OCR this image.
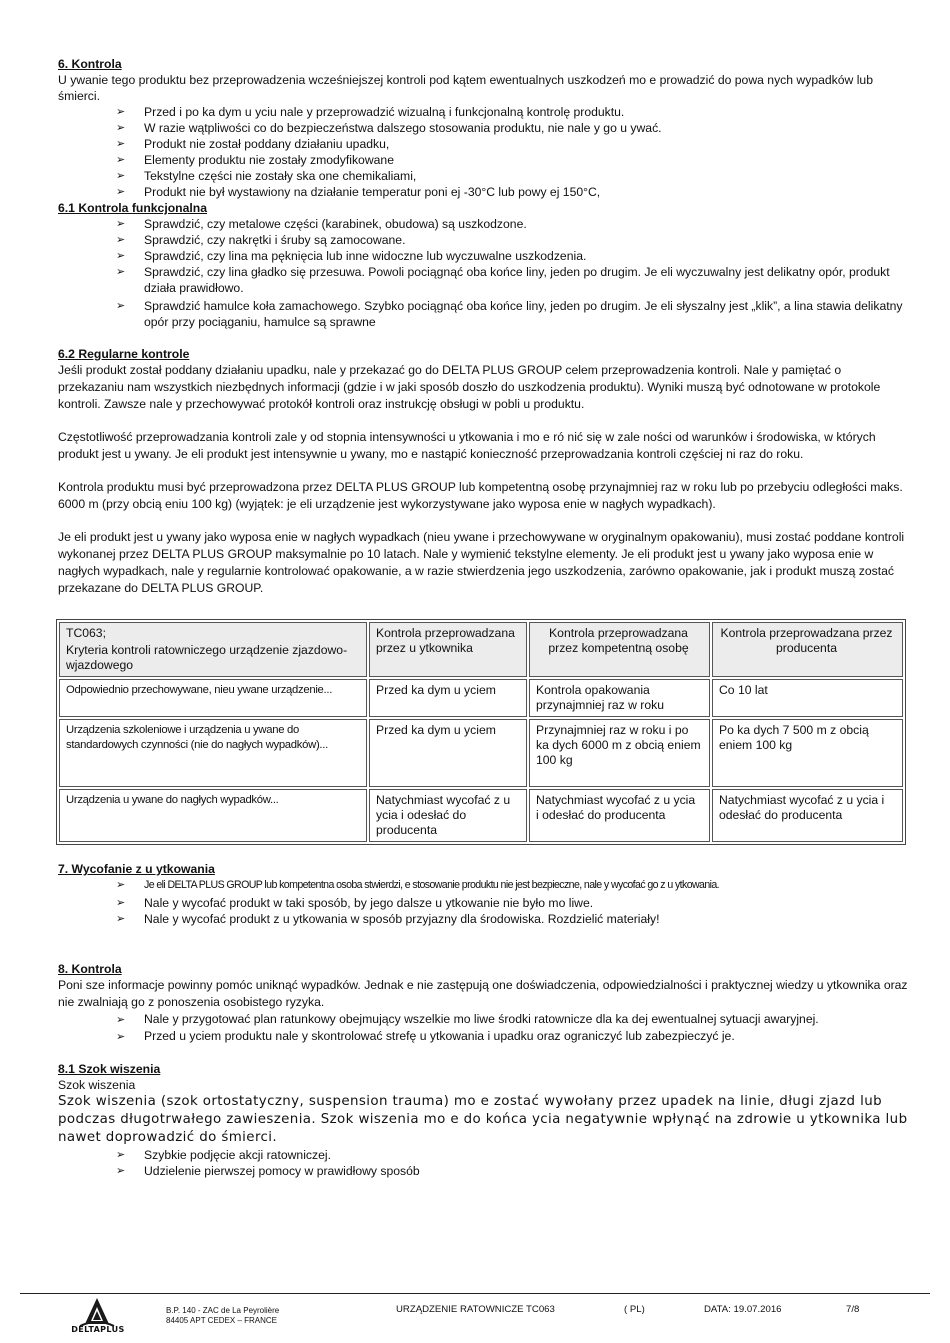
6. Kontrola

U ywanie tego produktu bez przeprowadzenia wcześniejszej kontroli pod kątem ewentualnych uszkodzeń mo e prowadzić do powa nych wypadków lub śmierci.

➢ Przed i po ka dym u yciu nale y przeprowadzić wizualną i funkcjonalną kontrolę produktu.
➢ W razie wątpliwości co do bezpieczeństwa dalszego stosowania produktu, nie nale y go u ywać.
➢ Produkt nie został poddany działaniu upadku,
➢ Elementy produktu nie zostały zmodyfikowane
➢ Tekstylne części nie zostały ska one chemikaliami,
➢ Produkt nie był wystawiony na działanie temperatur poni ej -30°C lub powy ej 150°C,

6.1 Kontrola funkcjonalna

➢ Sprawdzić, czy metalowe części (karabinek, obudowa) są uszkodzone.
➢ Sprawdzić, czy nakrętki i śruby są zamocowane.
➢ Sprawdzić, czy lina ma pęknięcia lub inne widoczne lub wyczuwalne uszkodzenia.
➢ Sprawdzić, czy lina gładko się przesuwa. Powoli pociągnąć oba końce liny, jeden po drugim. Je eli wyczuwalny jest delikatny opór, produkt działa prawidłowo.
➢ Sprawdzić hamulce koła zamachowego. Szybko pociągnąć oba końce liny, jeden po drugim. Je eli słyszalny jest „klik”, a lina stawia delikatny opór przy pociąganiu, hamulce są sprawne

6.2 Regularne kontrole

Jeśli produkt został poddany działaniu upadku, nale y przekazać go do DELTA PLUS GROUP celem przeprowadzenia kontroli. Nale y pamiętać o przekazaniu nam wszystkich niezbędnych informacji (gdzie i w jaki sposób doszło do uszkodzenia produktu). Wyniki muszą być odnotowane w protokole kontroli. Zawsze nale y przechowywać protokół kontroli oraz instrukcję obsługi w pobli u produktu.

Częstotliwość przeprowadzania kontroli zale y od stopnia intensywności u ytkowania i mo e ró nić się w zale ności od warunków i środowiska, w których produkt jest u ywany. Je eli produkt jest intensywnie u ywany, mo e nastąpić konieczność przeprowadzania kontroli częściej ni raz do roku.

Kontrola produktu musi być przeprowadzona przez DELTA PLUS GROUP lub kompetentną osobę przynajmniej raz w roku lub po przebyciu odległości maks. 6000 m (przy obcią eniu 100 kg) (wyjątek: je eli urządzenie jest wykorzystywane jako wyposa enie w nagłych wypadkach).

Je eli produkt jest u ywany jako wyposa enie w nagłych wypadkach (nieu ywane i przechowywane w oryginalnym opakowaniu), musi zostać poddane kontroli wykonanej przez DELTA PLUS GROUP maksymalnie po 10 latach. Nale y wymienić tekstylne elementy. Je eli produkt jest u ywany jako wyposa enie w nagłych wypadkach, nale y regularnie kontrolować opakowanie, a w razie stwierdzenia jego uszkodzenia, zarówno opakowanie, jak i produkt muszą zostać przekazane do DELTA PLUS GROUP.

TC063;
Kryteria kontroli ratowniczego urządzenie zjazdowo-wjazdowego	Kontrola przeprowadzana przez u ytkownika	Kontrola przeprowadzana przez kompetentną osobę	Kontrola przeprowadzana przez producenta
Odpowiednio przechowywane, nieu ywane urządzenie...	Przed ka dym u yciem	Kontrola opakowania przynajmniej raz w roku	Co 10 lat
Urządzenia szkoleniowe i urządzenia u ywane do standardowych czynności (nie do nagłych wypadków)...	Przed ka dym u yciem	Przynajmniej raz w roku i po ka dych 6000 m z obcią eniem 100 kg	Po ka dych 7 500 m z obcią eniem 100 kg
Urządzenia u ywane do nagłych wypadków...	Natychmiast wycofać z u ycia i odesłać do producenta	Natychmiast wycofać z u ycia i odesłać do producenta	Natychmiast wycofać z u ycia i odesłać do producenta

7. Wycofanie z u ytkowania

➢ Je eli DELTA PLUS GROUP lub kompetentna osoba stwierdzi, e stosowanie produktu nie jest bezpieczne, nale y wycofać go z u ytkowania.
➢ Nale y wycofać produkt w taki sposób, by jego dalsze u ytkowanie nie było mo liwe.
➢ Nale y wycofać produkt z u ytkowania w sposób przyjazny dla środowiska. Rozdzielić materiały!

8. Kontrola

Poni sze informacje powinny pomóc uniknąć wypadków. Jednak e nie zastępują one doświadczenia, odpowiedzialności i praktycznej wiedzy u ytkownika oraz nie zwalniają go z ponoszenia osobistego ryzyka.

➢ Nale y przygotować plan ratunkowy obejmujący wszelkie mo liwe środki ratownicze dla ka dej ewentualnej sytuacji awaryjnej.
➢ Przed u yciem produktu nale y skontrolować strefę u ytkowania i upadku oraz ograniczyć lub zabezpieczyć je.

8.1 Szok wiszenia

Szok wiszenia

Szok wiszenia (szok ortostatyczny, suspension trauma) mo e zostać wywołany przez upadek na linie, długi zjazd lub podczas długotrwałego zawieszenia. Szok wiszenia mo e do końca ycia negatywnie wpłynąć na zdrowie u ytkownika lub nawet doprowadzić do śmierci.

➢ Szybkie podjęcie akcji ratowniczej.
➢ Udzielenie pierwszej pomocy w prawidłowy sposób
DELTAPLUS
B.P. 140 - ZAC de La Peyrolière
84405 APT CEDEX – FRANCE
URZĄDZENIE RATOWNICZE TC063	( PL)	DATA: 19.07.2016	7/8
